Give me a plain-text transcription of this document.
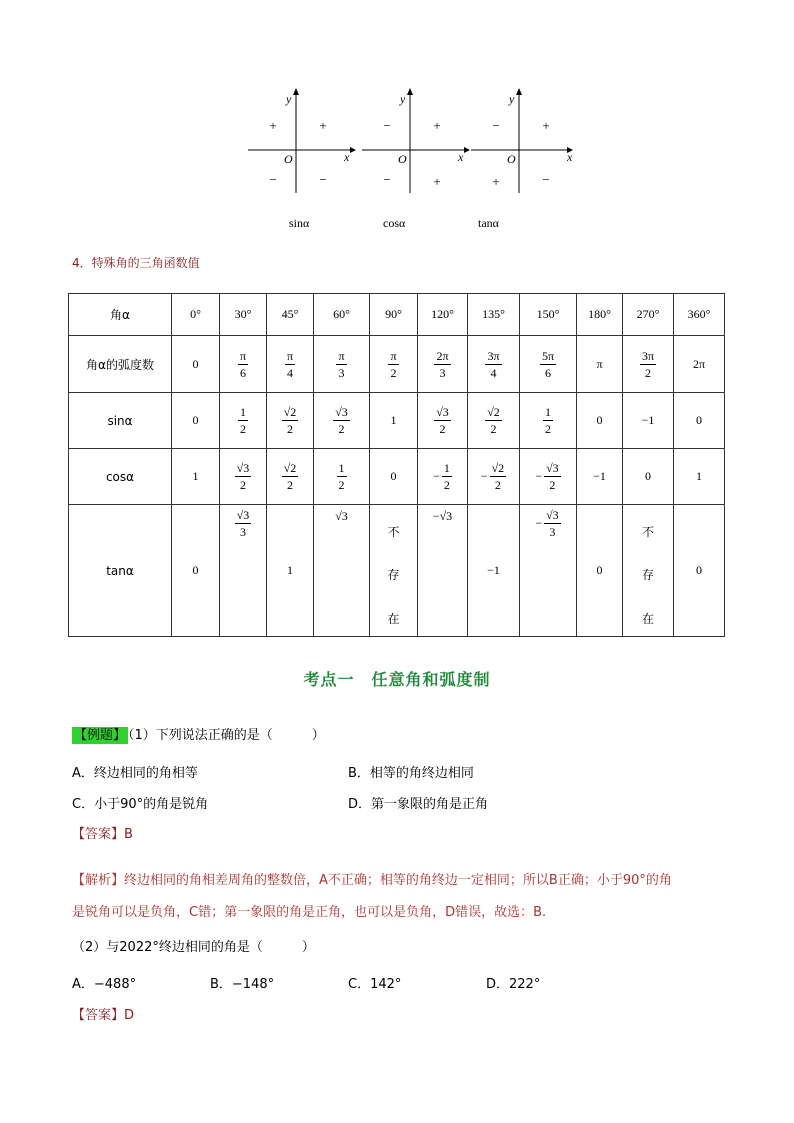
y
x
O
+
+
−	−
y
x
O
+
−
−	+
y
x
O
+
−
+	−
sinα	cosα	tanα
4．特殊角的三角函数值
角α	0°	30°	45°	60°	90°	120°	135°	150°	180°	270°	360°
角α的弧度数	0	$\frac{\pi}{6}$	$\frac{\pi}{4}$	$\frac{\pi}{3}$	$\frac{\pi}{2}$	$\frac{2\pi}{3}$	$\frac{3\pi}{4}$	$\frac{5\pi}{6}$	π	$\frac{3\pi}{2}$	2π
sinα	0	$\frac{1}{2}$	$\frac{√2}{2}$	$\frac{√3}{2}$	1	$\frac{√3}{2}$	$\frac{√2}{2}$	$\frac{1}{2}$	0	−1	0
cosα	1	$\frac{√3}{2}$	$\frac{√2}{2}$	$\frac{1}{2}$	0	− $\frac{1}{2}$	− $\frac{√2}{2}$	− $\frac{√3}{2}$	−1	0	1
tanα	0	$\frac{√3}{3}$	1	√3	不
存
在	−√3	−1	− $\frac{√3}{3}$	0	不
存
在	0
考点一　任意角和弧度制
【例题】 （1）下列说法正确的是（　　　）
A．终边相同的角相等	B．相等的角终边相同
C．小于90°的角是锐角	D．第一象限的角是正角
【答案】B
【解析】终边相同的角相差周角的整数倍，A不正确；相等的角终边一定相同；所以B正确；小于90°的角
是锐角可以是负角，C错；第一象限的角是正角，也可以是负角，D错误，故选：B.
（2）与2022°终边相同的角是（　　　）
A．−488°	B．−148°	C．142°	D．222°
【答案】D
